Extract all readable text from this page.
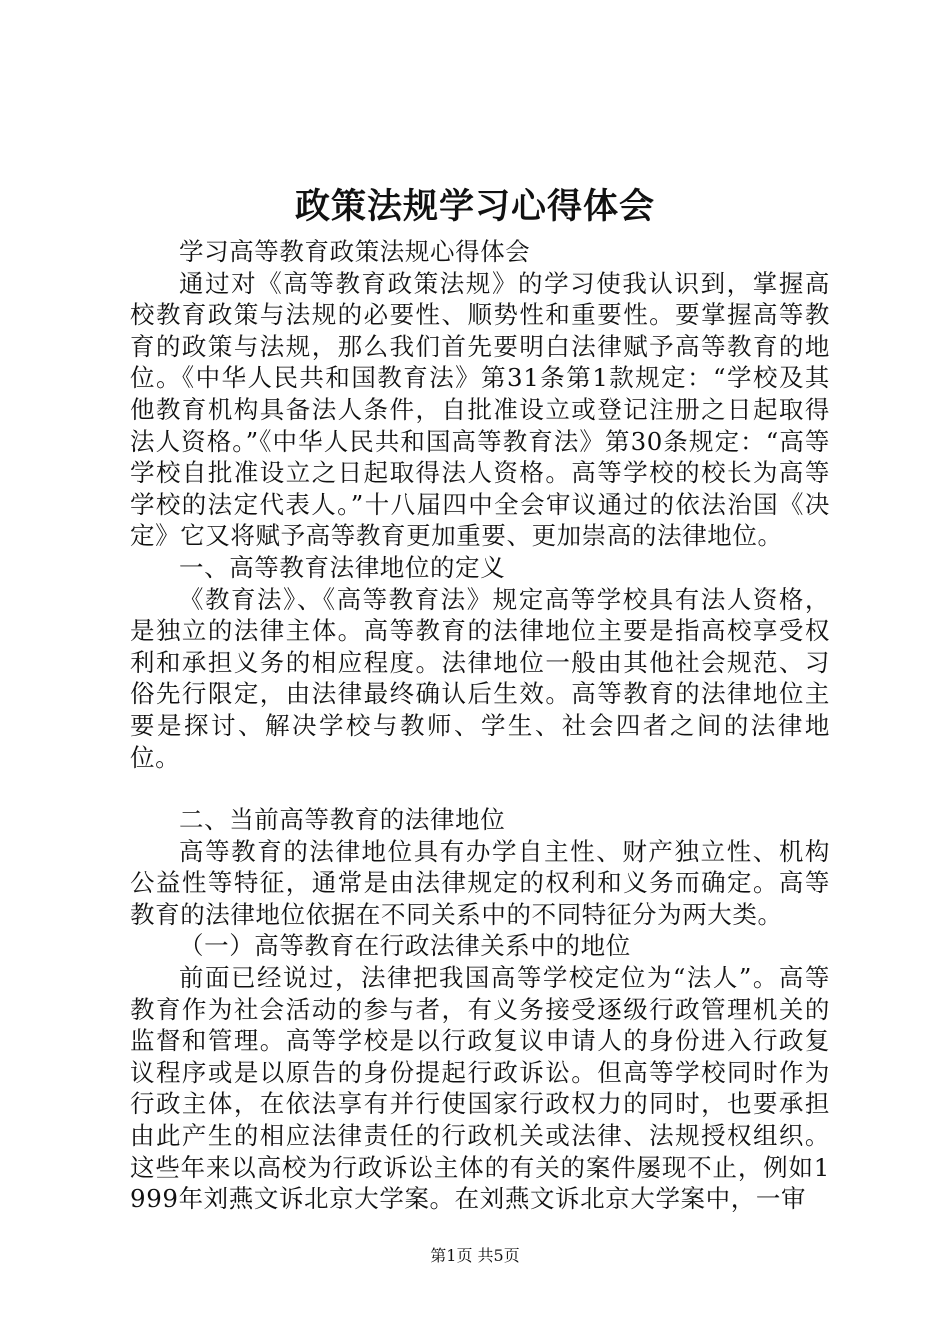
政策法规学习心得体会

学习高等教育政策法规心得体会

通过对《高等教育政策法规》的学习使我认识到，掌握高校教育政策与法规的必要性、顺势性和重要性。要掌握高等教育的政策与法规，那么我们首先要明白法律赋予高等教育的地位。《中华人民共和国教育法》第31条第1款规定：“学校及其他教育机构具备法人条件，自批准设立或登记注册之日起取得法人资格。”《中华人民共和国高等教育法》第30条规定：“高等学校自批准设立之日起取得法人资格。高等学校的校长为高等学校的法定代表人。”十八届四中全会审议通过的依法治国《决定》它又将赋予高等教育更加重要、更加崇高的法律地位。

一、高等教育法律地位的定义

《教育法》、《高等教育法》规定高等学校具有法人资格，是独立的法律主体。高等教育的法律地位主要是指高校享受权利和承担义务的相应程度。法律地位一般由其他社会规范、习俗先行限定，由法律最终确认后生效。高等教育的法律地位主要是探讨、解决学校与教师、学生、社会四者之间的法律地位。

二、当前高等教育的法律地位

高等教育的法律地位具有办学自主性、财产独立性、机构公益性等特征，通常是由法律规定的权利和义务而确定。高等教育的法律地位依据在不同关系中的不同特征分为两大类。

（一）高等教育在行政法律关系中的地位

前面已经说过，法律把我国高等学校定位为“法人”。高等教育作为社会活动的参与者，有义务接受逐级行政管理机关的监督和管理。高等学校是以行政复议申请人的身份进入行政复议程序或是以原告的身份提起行政诉讼。但高等学校同时作为行政主体，在依法享有并行使国家行政权力的同时，也要承担由此产生的相应法律责任的行政机关或法律、法规授权组织。这些年来以高校为行政诉讼主体的有关的案件屡现不止，例如1999年刘燕文诉北京大学案。在刘燕文诉北京大学案中，一审

第1页 共5页
